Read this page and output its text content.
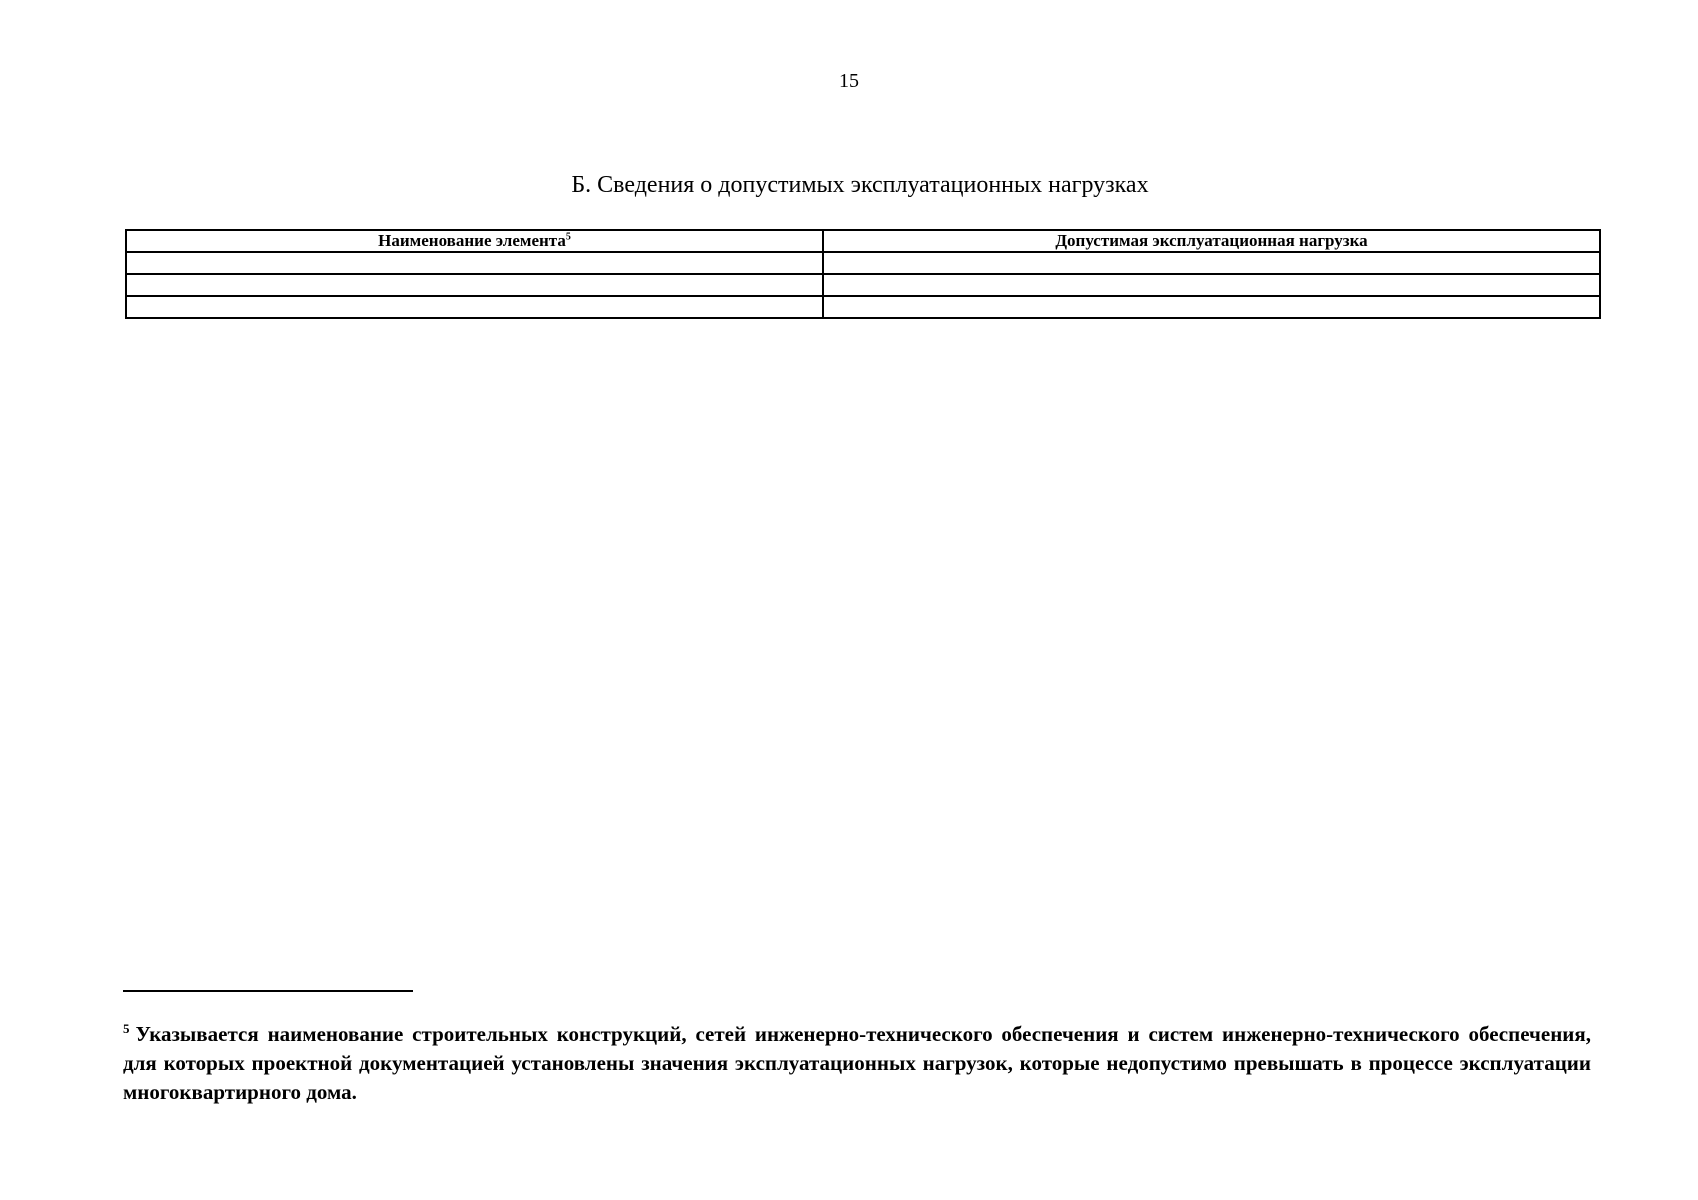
15
Б. Сведения о допустимых эксплуатационных нагрузках
Наименование элемента$^5$	Допустимая эксплуатационная нагрузка

$^5$ Указывается наименование строительных конструкций, сетей инженерно-технического обеспечения и систем инженерно-технического обеспечения, для которых проектной документацией установлены значения эксплуатационных нагрузок, которые недопустимо превышать в процессе эксплуатации многоквартирного дома.
